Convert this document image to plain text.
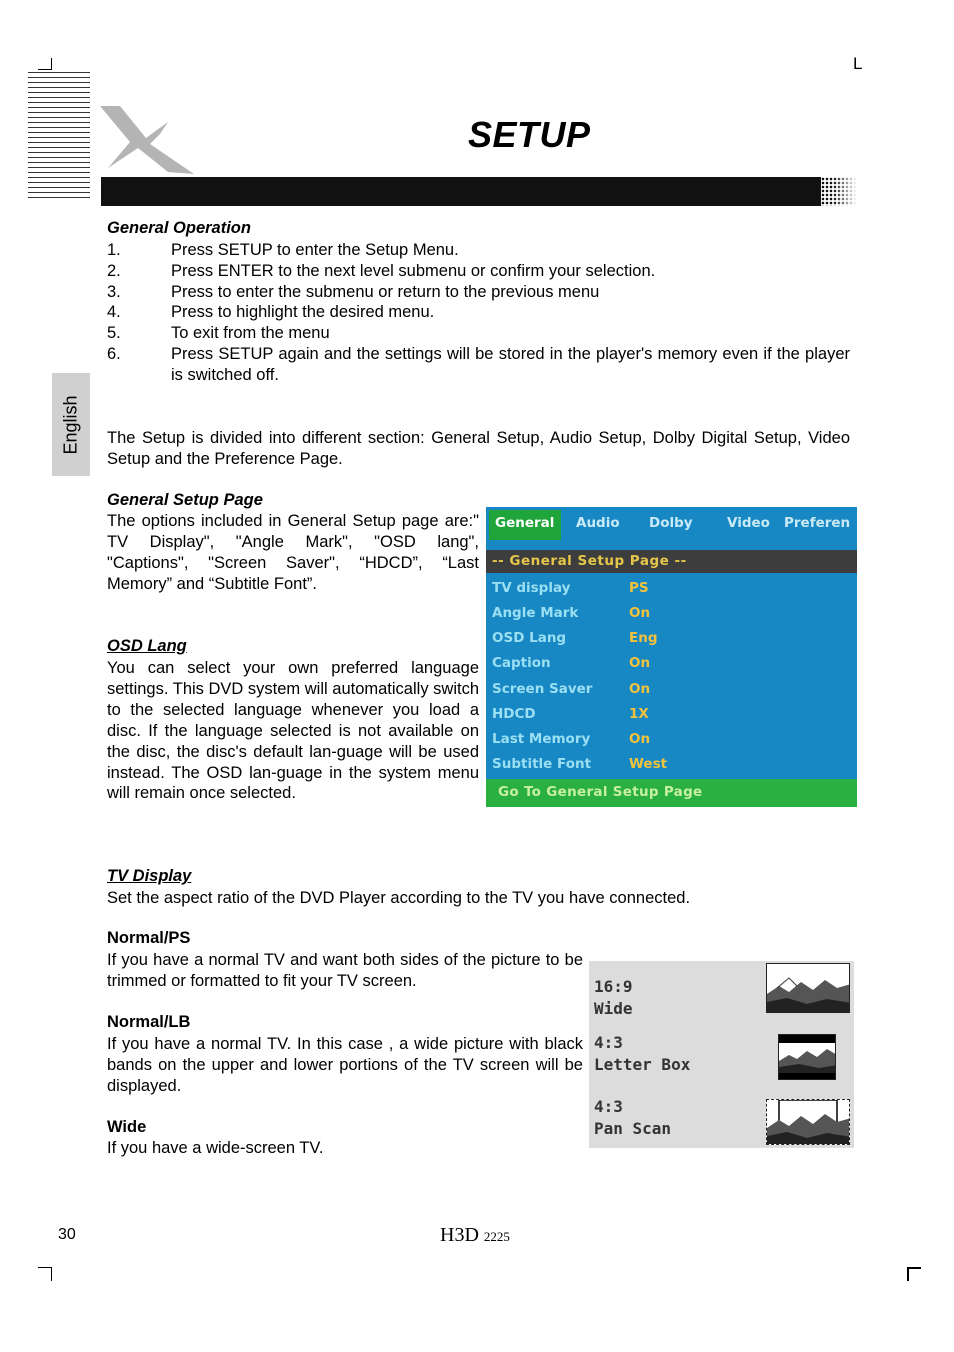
L
SETUP
English
General Operation
1.	Press SETUP to enter the Setup Menu.
2.	Press ENTER to the next level submenu or confirm your selection.
3.	Press to enter the submenu or return to the previous menu
4.	Press to highlight the desired menu.
5.	To exit from the menu
6.	Press SETUP again and the settings will be stored in the player's memory even if the player is switched off.
The Setup is divided into different section: General Setup, Audio Setup, Dolby Digital Setup, Video Setup and the Preference Page.
General Setup Page
The options included in General Setup page are:" TV Display", "Angle Mark", "OSD lang", "Captions", "Screen Saver", “HDCD”, “Last Memory” and “Subtitle Font”.
OSD Lang
You can select your own preferred language settings. This DVD system will automatically switch to the selected language whenever you load a disc. If the language selected is not available on the disc, the disc's default lan-guage will be used instead. The OSD lan-guage in the system menu will remain once selected.
General	Audio Dolby	Video Preferen
-- General Setup Page --
TV display	PS
Angle Mark	On
OSD Lang	Eng
Caption	On
Screen Saver	On
HDCD	1X
Last Memory	On
Subtitle Font	West
Go To General Setup Page
TV Display
Set the aspect ratio of the DVD Player according to the TV you have connected.
Normal/PS
If you have a normal TV and want both sides of the picture to be trimmed or formatted to fit your TV screen.
Normal/LB
If you have a normal TV. In this case , a wide picture with black bands on the upper and lower portions of the TV screen will be displayed.
Wide
If you have a wide-screen TV.
16:9
Wide
4:3
Letter Box
4:3
Pan Scan
30	H3D 2225
